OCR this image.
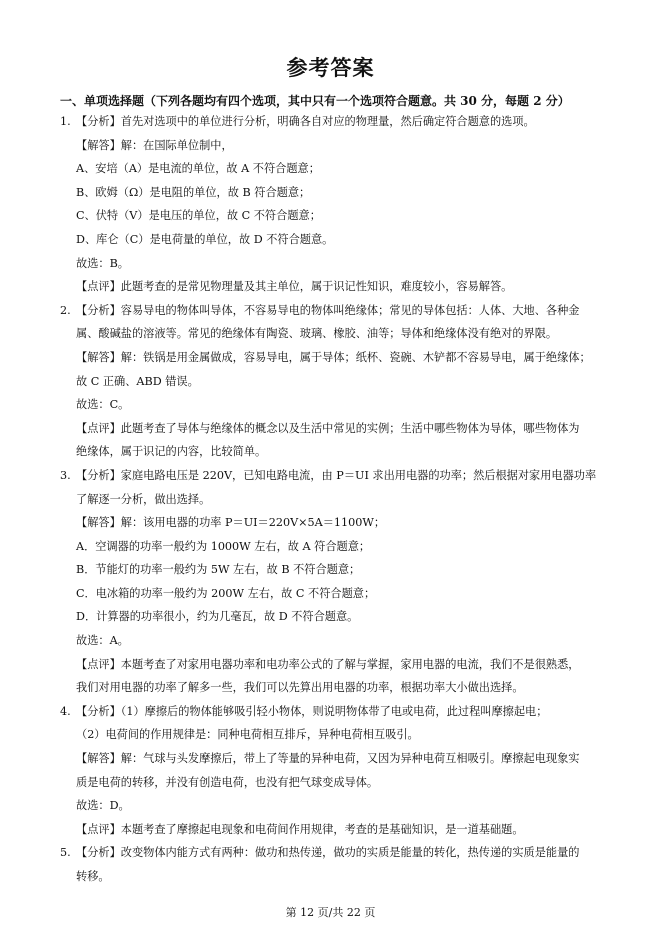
参考答案
一、单项选择题（下列各题均有四个选项，其中只有一个选项符合题意。共 30 分，每题 2 分）
1. 【分析】首先对选项中的单位进行分析，明确各自对应的物理量，然后确定符合题意的选项。
【解答】解：在国际单位制中，
A、安培（A）是电流的单位，故 A 不符合题意；
B、欧姆（Ω）是电阻的单位，故 B 符合题意；
C、伏特（V）是电压的单位，故 C 不符合题意；
D、库仑（C）是电荷量的单位，故 D 不符合题意。
故选：B。
【点评】此题考查的是常见物理量及其主单位，属于识记性知识，难度较小，容易解答。
2. 【分析】容易导电的物体叫导体，不容易导电的物体叫绝缘体；常见的导体包括：人体、大地、各种金
属、酸碱盐的溶液等。常见的绝缘体有陶瓷、玻璃、橡胶、油等；导体和绝缘体没有绝对的界限。
【解答】解：铁锅是用金属做成，容易导电，属于导体；纸杯、瓷碗、木铲都不容易导电，属于绝缘体；
故 C 正确、ABD 错误。
故选：C。
【点评】此题考查了导体与绝缘体的概念以及生活中常见的实例；生活中哪些物体为导体，哪些物体为
绝缘体，属于识记的内容，比较简单。
3. 【分析】家庭电路电压是 220V，已知电路电流，由 P＝UI 求出用电器的功率；然后根据对家用电器功率
了解逐一分析，做出选择。
【解答】解：该用电器的功率 P＝UI＝220V×5A＝1100W；
A．空调器的功率一般约为 1000W 左右，故 A 符合题意；
B．节能灯的功率一般约为 5W 左右，故 B 不符合题意；
C．电冰箱的功率一般约为 200W 左右，故 C 不符合题意；
D．计算器的功率很小，约为几毫瓦，故 D 不符合题意。
故选：A。
【点评】本题考查了对家用电器功率和电功率公式的了解与掌握，家用电器的电流，我们不是很熟悉，
我们对用电器的功率了解多一些，我们可以先算出用电器的功率，根据功率大小做出选择。
4. 【分析】（1）摩擦后的物体能够吸引轻小物体，则说明物体带了电或电荷，此过程叫摩擦起电；
（2）电荷间的作用规律是：同种电荷相互排斥，异种电荷相互吸引。
【解答】解：气球与头发摩擦后，带上了等量的异种电荷，又因为异种电荷互相吸引。摩擦起电现象实
质是电荷的转移，并没有创造电荷，也没有把气球变成导体。
故选：D。
【点评】本题考查了摩擦起电现象和电荷间作用规律，考查的是基础知识，是一道基础题。
5. 【分析】改变物体内能方式有两种：做功和热传递，做功的实质是能量的转化，热传递的实质是能量的
转移。
第 12 页/共 22 页
